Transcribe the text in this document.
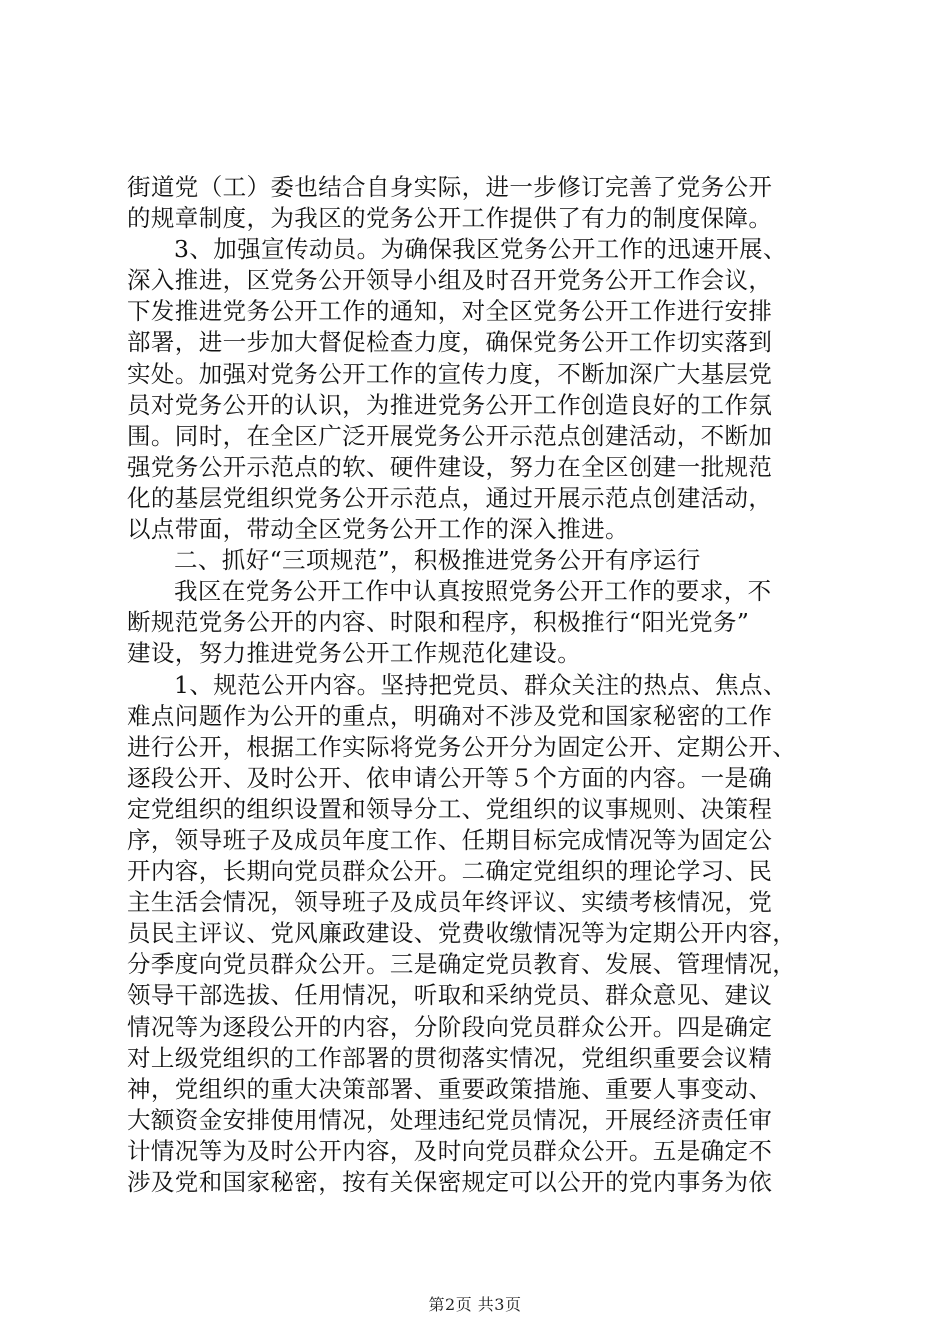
街道党（工）委也结合自身实际，进一步修订完善了党务公开
的规章制度，为我区的党务公开工作提供了有力的制度保障。
3、加强宣传动员。为确保我区党务公开工作的迅速开展、
深入推进，区党务公开领导小组及时召开党务公开工作会议，
下发推进党务公开工作的通知，对全区党务公开工作进行安排
部署，进一步加大督促检查力度，确保党务公开工作切实落到
实处。加强对党务公开工作的宣传力度，不断加深广大基层党
员对党务公开的认识，为推进党务公开工作创造良好的工作氛
围。同时，在全区广泛开展党务公开示范点创建活动，不断加
强党务公开示范点的软、硬件建设，努力在全区创建一批规范
化的基层党组织党务公开示范点，通过开展示范点创建活动，
以点带面，带动全区党务公开工作的深入推进。
二、抓好“三项规范”，积极推进党务公开有序运行
我区在党务公开工作中认真按照党务公开工作的要求，不
断规范党务公开的内容、时限和程序，积极推行“阳光党务”
建设，努力推进党务公开工作规范化建设。
1、规范公开内容。坚持把党员、群众关注的热点、焦点、
难点问题作为公开的重点，明确对不涉及党和国家秘密的工作
进行公开，根据工作实际将党务公开分为固定公开、定期公开、
逐段公开、及时公开、依申请公开等５个方面的内容。一是确
定党组织的组织设置和领导分工、党组织的议事规则、决策程
序，领导班子及成员年度工作、任期目标完成情况等为固定公
开内容，长期向党员群众公开。二确定党组织的理论学习、民
主生活会情况，领导班子及成员年终评议、实绩考核情况，党
员民主评议、党风廉政建设、党费收缴情况等为定期公开内容，
分季度向党员群众公开。三是确定党员教育、发展、管理情况，
领导干部选拔、任用情况，听取和采纳党员、群众意见、建议
情况等为逐段公开的内容，分阶段向党员群众公开。四是确定
对上级党组织的工作部署的贯彻落实情况，党组织重要会议精
神，党组织的重大决策部署、重要政策措施、重要人事变动、
大额资金安排使用情况，处理违纪党员情况，开展经济责任审
计情况等为及时公开内容，及时向党员群众公开。五是确定不
涉及党和国家秘密，按有关保密规定可以公开的党内事务为依
第2页 共3页
